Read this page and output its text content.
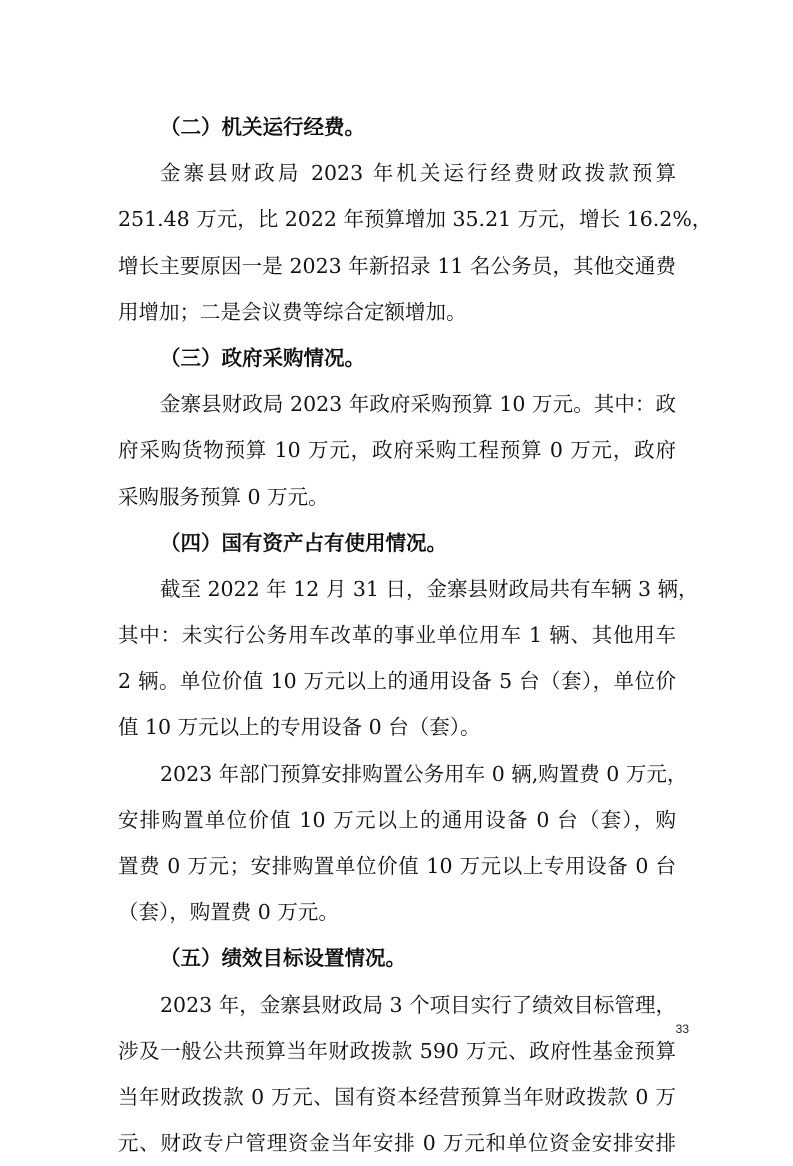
（二）机关运行经费。
金寨县财政局 2023 年机关运行经费财政拨款预算
251.48 万元，比 2022 年预算增加 35.21 万元，增长 16.2%，
增长主要原因一是 2023 年新招录 11 名公务员，其他交通费
用增加；二是会议费等综合定额增加。
（三）政府采购情况。
金寨县财政局 2023 年政府采购预算 10 万元。其中：政
府采购货物预算 10 万元，政府采购工程预算 0 万元，政府
采购服务预算 0 万元。
（四）国有资产占有使用情况。
截至 2022 年 12 月 31 日，金寨县财政局共有车辆 3 辆，
其中：未实行公务用车改革的事业单位用车 1 辆、其他用车
2 辆。单位价值 10 万元以上的通用设备 5 台（套），单位价
值 10 万元以上的专用设备 0 台（套）。
2023 年部门预算安排购置公务用车 0 辆,购置费 0 万元，
安排购置单位价值 10 万元以上的通用设备 0 台（套），购
置费 0 万元；安排购置单位价值 10 万元以上专用设备 0 台
（套），购置费 0 万元。
（五）绩效目标设置情况。
2023 年，金寨县财政局 3 个项目实行了绩效目标管理，
涉及一般公共预算当年财政拨款 590 万元、政府性基金预算
当年财政拨款 0 万元、国有资本经营预算当年财政拨款 0 万
元、财政专户管理资金当年安排 0 万元和单位资金安排安排
33
